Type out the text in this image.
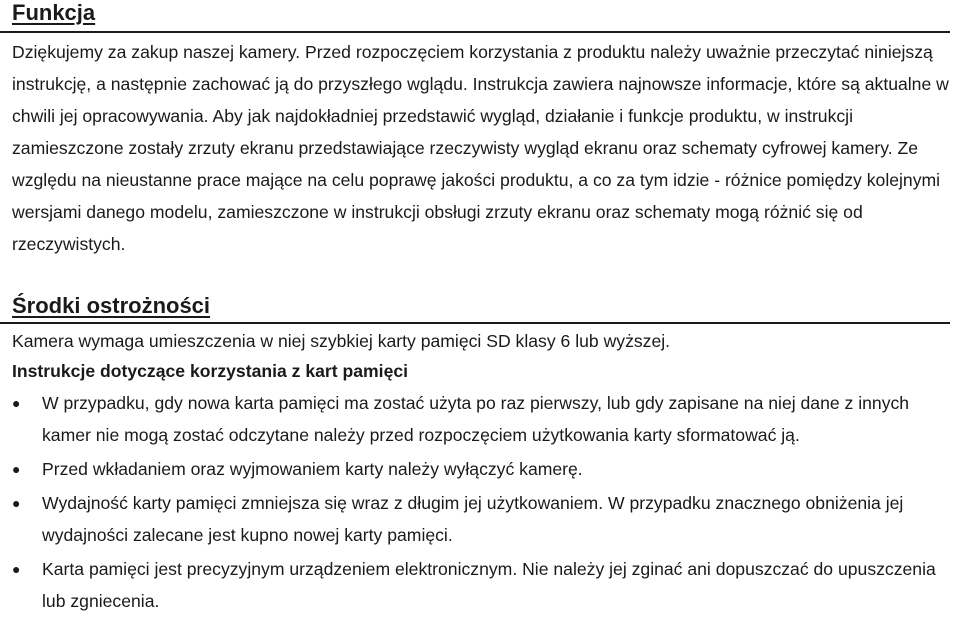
Funkcja

Dziękujemy za zakup naszej kamery. Przed rozpoczęciem korzystania z produktu należy uważnie przeczytać niniejszą instrukcję, a następnie zachować ją do przyszłego wglądu. Instrukcja zawiera najnowsze informacje, które są aktualne w chwili jej opracowywania. Aby jak najdokładniej przedstawić wygląd, działanie i funkcje produktu, w instrukcji zamieszczone zostały zrzuty ekranu przedstawiające rzeczywisty wygląd ekranu oraz schematy cyfrowej kamery. Ze względu na nieustanne prace mające na celu poprawę jakości produktu, a co za tym idzie - różnice pomiędzy kolejnymi wersjami danego modelu, zamieszczone w instrukcji obsługi zrzuty ekranu oraz schematy mogą różnić się od rzeczywistych.

Środki ostrożności

Kamera wymaga umieszczenia w niej szybkiej karty pamięci SD klasy 6 lub wyższej.

Instrukcje dotyczące korzystania z kart pamięci

●	W przypadku, gdy nowa karta pamięci ma zostać użyta po raz pierwszy, lub gdy zapisane na niej dane z innych kamer nie mogą zostać odczytane należy przed rozpoczęciem użytkowania karty sformatować ją.
●	Przed wkładaniem oraz wyjmowaniem karty należy wyłączyć kamerę.
●	Wydajność karty pamięci zmniejsza się wraz z długim jej użytkowaniem. W przypadku znacznego obniżenia jej wydajności zalecane jest kupno nowej karty pamięci.
●	Karta pamięci jest precyzyjnym urządzeniem elektronicznym. Nie należy jej zginać ani dopuszczać do upuszczenia lub zgniecenia.
